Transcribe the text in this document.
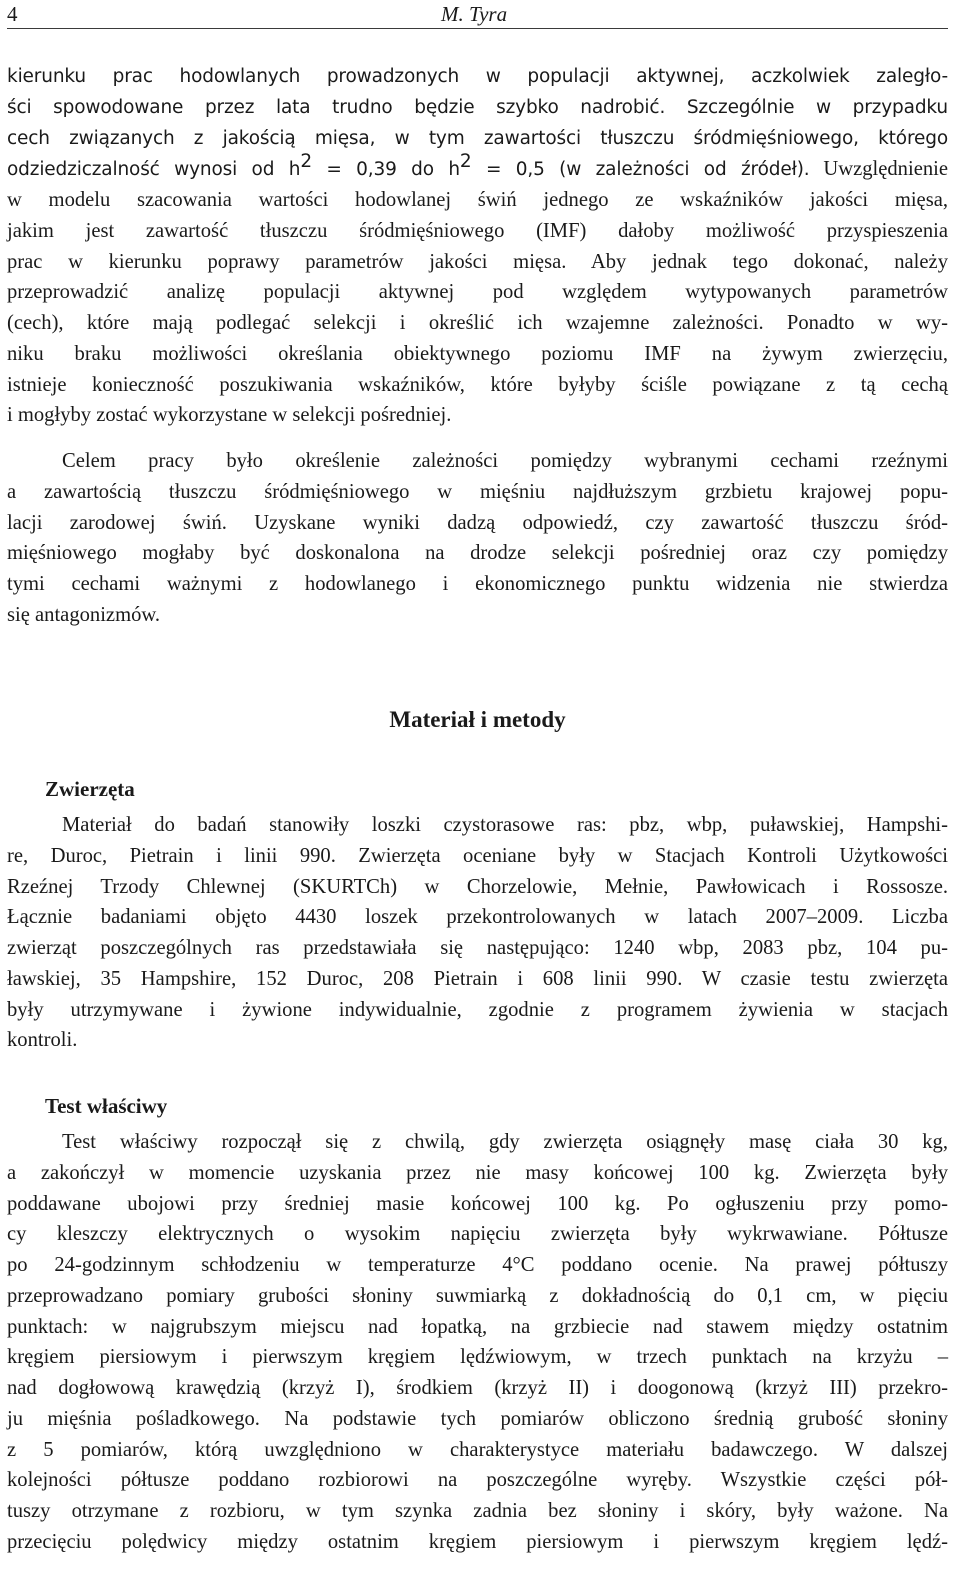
4	M. Tyra
kierunku prac hodowlanych prowadzonych w populacji aktywnej, aczkolwiek zaległo-
ści spowodowane przez lata trudno będzie szybko nadrobić. Szczególnie w przypadku
cech związanych z jakością mięsa, w tym zawartości tłuszczu śródmięśniowego, którego
odziedziczalność wynosi od $h^2 = 0,39$ do $h^2 = 0,5$ (w zależności od źródeł). Uwzględnienie
w modelu szacowania wartości hodowlanej świń jednego ze wskaźników jakości mięsa,
jakim jest zawartość tłuszczu śródmięśniowego (IMF) dałoby możliwość przyspieszenia
prac w kierunku poprawy parametrów jakości mięsa. Aby jednak tego dokonać, należy
przeprowadzić analizę populacji aktywnej pod względem wytypowanych parametrów
(cech), które mają podlegać selekcji i określić ich wzajemne zależności. Ponadto w wy-
niku braku możliwości określania obiektywnego poziomu IMF na żywym zwierzęciu,
istnieje konieczność poszukiwania wskaźników, które byłyby ściśle powiązane z tą cechą
i mogłyby zostać wykorzystane w selekcji pośredniej.
Celem pracy było określenie zależności pomiędzy wybranymi cechami rzeźnymi
a zawartością tłuszczu śródmięśniowego w mięśniu najdłuższym grzbietu krajowej popu-
lacji zarodowej świń. Uzyskane wyniki dadzą odpowiedź, czy zawartość tłuszczu śród-
mięśniowego mogłaby być doskonalona na drodze selekcji pośredniej oraz czy pomiędzy
tymi cechami ważnymi z hodowlanego i ekonomicznego punktu widzenia nie stwierdza
się antagonizmów.
Materiał i metody
Zwierzęta
Materiał do badań stanowiły loszki czystorasowe ras: pbz, wbp, puławskiej, Hampshi-
re, Duroc, Pietrain i linii 990. Zwierzęta oceniane były w Stacjach Kontroli Użytkowości
Rzeźnej Trzody Chlewnej (SKURTCh) w Chorzelowie, Mełnie, Pawłowicach i Rossosze.
Łącznie badaniami objęto 4430 loszek przekontrolowanych w latach 2007–2009. Liczba
zwierząt poszczególnych ras przedstawiała się następująco: 1240 wbp, 2083 pbz, 104 pu-
ławskiej, 35 Hampshire, 152 Duroc, 208 Pietrain i 608 linii 990. W czasie testu zwierzęta
były utrzymywane i żywione indywidualnie, zgodnie z programem żywienia w stacjach
kontroli.
Test właściwy
Test właściwy rozpoczął się z chwilą, gdy zwierzęta osiągnęły masę ciała 30 kg,
a zakończył w momencie uzyskania przez nie masy końcowej 100 kg. Zwierzęta były
poddawane ubojowi przy średniej masie końcowej 100 kg. Po ogłuszeniu przy pomo-
cy kleszczy elektrycznych o wysokim napięciu zwierzęta były wykrwawiane. Półtusze
po 24-godzinnym schłodzeniu w temperaturze 4°C poddano ocenie. Na prawej półtuszy
przeprowadzano pomiary grubości słoniny suwmiarką z dokładnością do 0,1 cm, w pięciu
punktach: w najgrubszym miejscu nad łopatką, na grzbiecie nad stawem między ostatnim
kręgiem piersiowym i pierwszym kręgiem lędźwiowym, w trzech punktach na krzyżu –
nad dogłowową krawędzią (krzyż I), środkiem (krzyż II) i doogonową (krzyż III) przekro-
ju mięśnia pośladkowego. Na podstawie tych pomiarów obliczono średnią grubość słoniny
z 5 pomiarów, którą uwzględniono w charakterystyce materiału badawczego. W dalszej
kolejności półtusze poddano rozbiorowi na poszczególne wyręby. Wszystkie części pół-
tuszy otrzymane z rozbioru, w tym szynka zadnia bez słoniny i skóry, były ważone. Na
przecięciu polędwicy między ostatnim kręgiem piersiowym i pierwszym kręgiem lędź-
